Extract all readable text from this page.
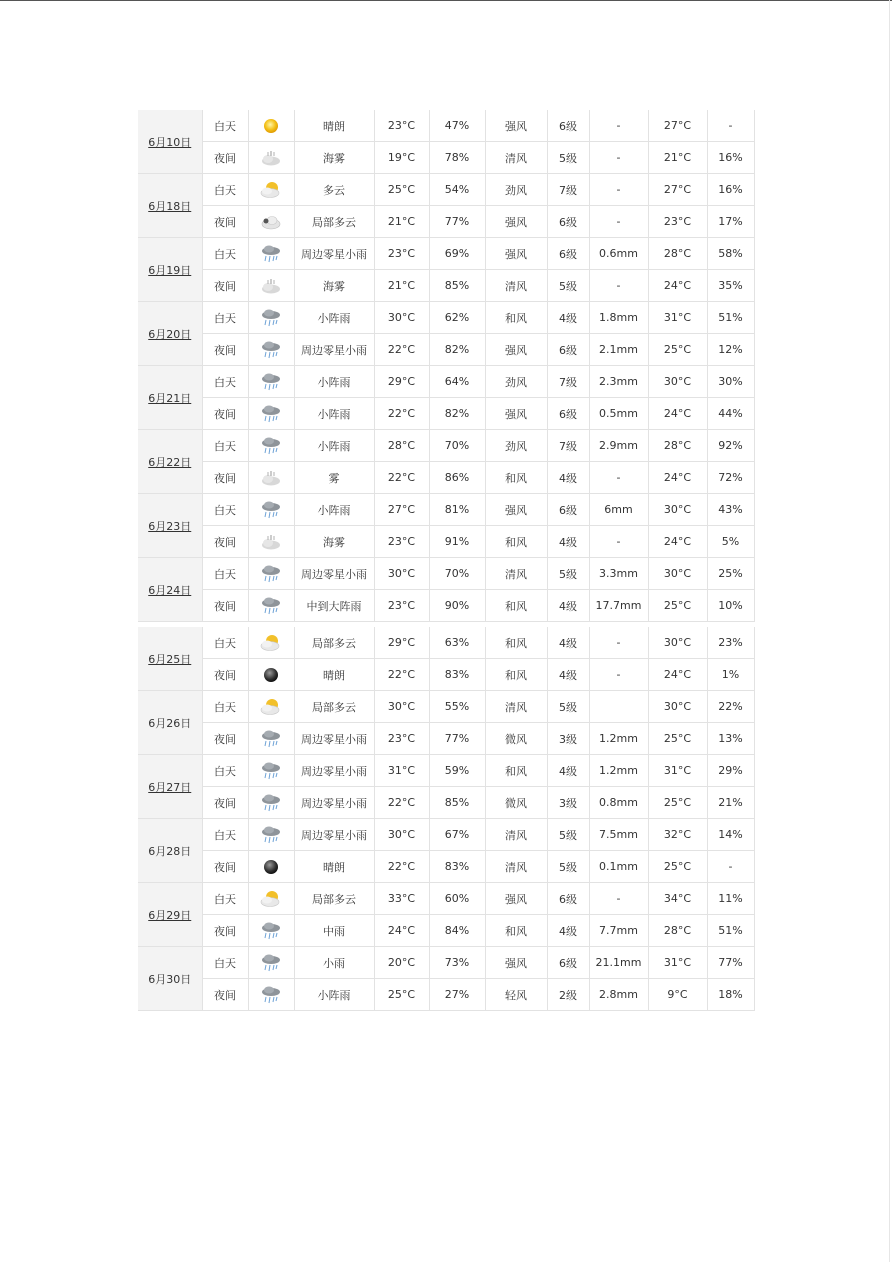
6月10日	白天		晴朗	23°C	47%	强风	6级	-	27°C	-
	夜间		海雾	19°C	78%	清风	5级	-	21°C	16%
6月18日	白天		多云	25°C	54%	劲风	7级	-	27°C	16%
	夜间		局部多云	21°C	77%	强风	6级	-	23°C	17%
6月19日	白天		周边零星小雨	23°C	69%	强风	6级	0.6mm	28°C	58%
	夜间		海雾	21°C	85%	清风	5级	-	24°C	35%
6月20日	白天		小阵雨	30°C	62%	和风	4级	1.8mm	31°C	51%
	夜间		周边零星小雨	22°C	82%	强风	6级	2.1mm	25°C	12%
6月21日	白天		小阵雨	29°C	64%	劲风	7级	2.3mm	30°C	30%
	夜间		小阵雨	22°C	82%	强风	6级	0.5mm	24°C	44%
6月22日	白天		小阵雨	28°C	70%	劲风	7级	2.9mm	28°C	92%
	夜间		雾	22°C	86%	和风	4级	-	24°C	72%
6月23日	白天		小阵雨	27°C	81%	强风	6级	6mm	30°C	43%
	夜间		海雾	23°C	91%	和风	4级	-	24°C	5%
6月24日	白天		周边零星小雨	30°C	70%	清风	5级	3.3mm	30°C	25%
	夜间		中到大阵雨	23°C	90%	和风	4级	17.7mm	25°C	10%
6月25日	白天		局部多云	29°C	63%	和风	4级	-	30°C	23%
	夜间		晴朗	22°C	83%	和风	4级	-	24°C	1%
6月26日	白天		局部多云	30°C	55%	清风	5级		30°C	22%
	夜间		周边零星小雨	23°C	77%	微风	3级	1.2mm	25°C	13%
6月27日	白天		周边零星小雨	31°C	59%	和风	4级	1.2mm	31°C	29%
	夜间		周边零星小雨	22°C	85%	微风	3级	0.8mm	25°C	21%
6月28日	白天		周边零星小雨	30°C	67%	清风	5级	7.5mm	32°C	14%
	夜间		晴朗	22°C	83%	清风	5级	0.1mm	25°C	-
6月29日	白天		局部多云	33°C	60%	强风	6级	-	34°C	11%
	夜间		中雨	24°C	84%	和风	4级	7.7mm	28°C	51%
6月30日	白天		小雨	20°C	73%	强风	6级	21.1mm	31°C	77%
	夜间		小阵雨	25°C	27%	轻风	2级	2.8mm	9°C	18%
